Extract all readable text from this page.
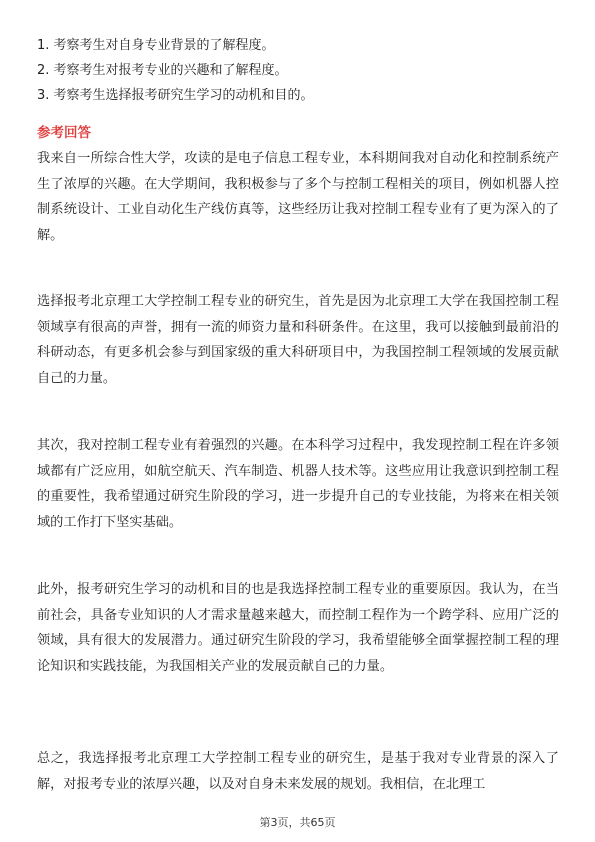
1. 考察考生对自身专业背景的了解程度。
2. 考察考生对报考专业的兴趣和了解程度。
3. 考察考生选择报考研究生学习的动机和目的。
参考回答
我来自一所综合性大学，攻读的是电子信息工程专业，本科期间我对自动化和控制系统产生了浓厚的兴趣。在大学期间，我积极参与了多个与控制工程相关的项目，例如机器人控制系统设计、工业自动化生产线仿真等，这些经历让我对控制工程专业有了更为深入的了解。
选择报考北京理工大学控制工程专业的研究生，首先是因为北京理工大学在我国控制工程领域享有很高的声誉，拥有一流的师资力量和科研条件。在这里，我可以接触到最前沿的科研动态，有更多机会参与到国家级的重大科研项目中，为我国控制工程领域的发展贡献自己的力量。
其次，我对控制工程专业有着强烈的兴趣。在本科学习过程中，我发现控制工程在许多领域都有广泛应用，如航空航天、汽车制造、机器人技术等。这些应用让我意识到控制工程的重要性，我希望通过研究生阶段的学习，进一步提升自己的专业技能，为将来在相关领域的工作打下坚实基础。
此外，报考研究生学习的动机和目的也是我选择控制工程专业的重要原因。我认为，在当前社会，具备专业知识的人才需求量越来越大，而控制工程作为一个跨学科、应用广泛的领域，具有很大的发展潜力。通过研究生阶段的学习，我希望能够全面掌握控制工程的理论知识和实践技能，为我国相关产业的发展贡献自己的力量。
总之，我选择报考北京理工大学控制工程专业的研究生，是基于我对专业背景的深入了解，对报考专业的浓厚兴趣，以及对自身未来发展的规划。我相信，在北理工
第3页，共65页
